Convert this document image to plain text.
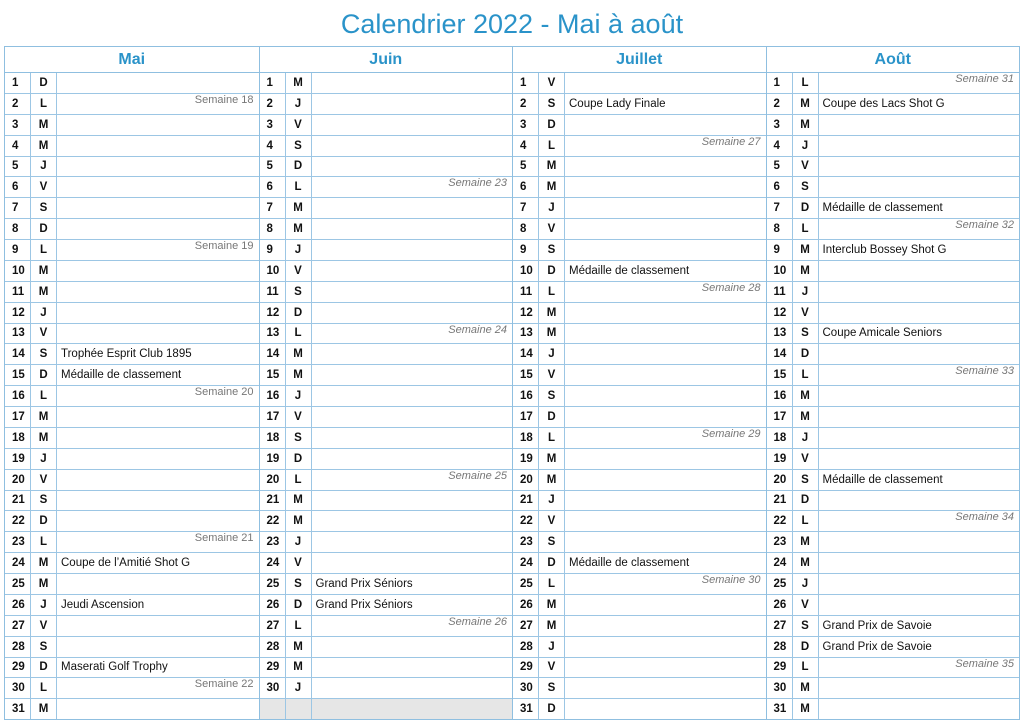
Calendrier 2022 - Mai à août
Mai
1	D
2	L	Semaine 18
3	M
4	M
5	J
6	V
7	S
8	D
9	L	Semaine 19
10	M
11	M
12	J
13	V
14	S	Trophée Esprit Club 1895
15	D	Médaille de classement
16	L	Semaine 20
17	M
18	M
19	J
20	V
21	S
22	D
23	L	Semaine 21
24	M	Coupe de l’Amitié Shot G
25	M
26	J	Jeudi Ascension
27	V
28	S
29	D	Maserati Golf Trophy
30	L	Semaine 22
31	M
Juin
1	M
2	J
3	V
4	S
5	D
6	L	Semaine 23
7	M
8	M
9	J
10	V
11	S
12	D
13	L	Semaine 24
14	M
15	M
16	J
17	V
18	S
19	D
20	L	Semaine 25
21	M
22	M
23	J
24	V
25	S	Grand Prix Séniors
26	D	Grand Prix Séniors
27	L	Semaine 26
28	M
29	M
30	J
Juillet
1	V
2	S	Coupe Lady Finale
3	D
4	L	Semaine 27
5	M
6	M
7	J
8	V
9	S
10	D	Médaille de classement
11	L	Semaine 28
12	M
13	M
14	J
15	V
16	S
17	D
18	L	Semaine 29
19	M
20	M
21	J
22	V
23	S
24	D	Médaille de classement
25	L	Semaine 30
26	M
27	M
28	J
29	V
30	S
31	D
Août
1	L	Semaine 31
2	M	Coupe des Lacs Shot G
3	M
4	J
5	V
6	S
7	D	Médaille de classement
8	L	Semaine 32
9	M	Interclub Bossey Shot G
10	M
11	J
12	V
13	S	Coupe Amicale Seniors
14	D
15	L	Semaine 33
16	M
17	M
18	J
19	V
20	S	Médaille de classement
21	D
22	L	Semaine 34
23	M
24	M
25	J
26	V
27	S	Grand Prix de Savoie
28	D	Grand Prix de Savoie
29	L	Semaine 35
30	M
31	M
